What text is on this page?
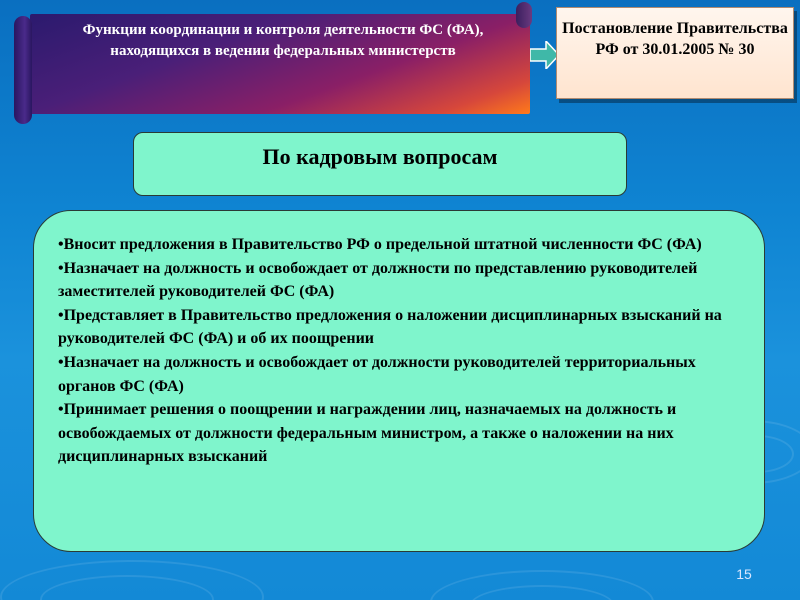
Функции координации и контроля деятельности ФС (ФА), находящихся в ведении федеральных министерств
Постановление Правительства РФ от 30.01.2005 № 30
По кадровым вопросам
•Вносит предложения в Правительство РФ о предельной штатной численности ФС (ФА)
•Назначает на должность и освобождает от должности по представлению руководителей заместителей руководителей ФС (ФА)
•Представляет в Правительство предложения о наложении дисциплинарных взысканий на руководителей ФС (ФА) и об их поощрении
•Назначает на должность и освобождает от должности руководителей территориальных органов ФС (ФА)
•Принимает решения о поощрении и награждении лиц, назначаемых на должность и освобождаемых от должности федеральным министром, а также о наложении на них дисциплинарных взысканий
15
